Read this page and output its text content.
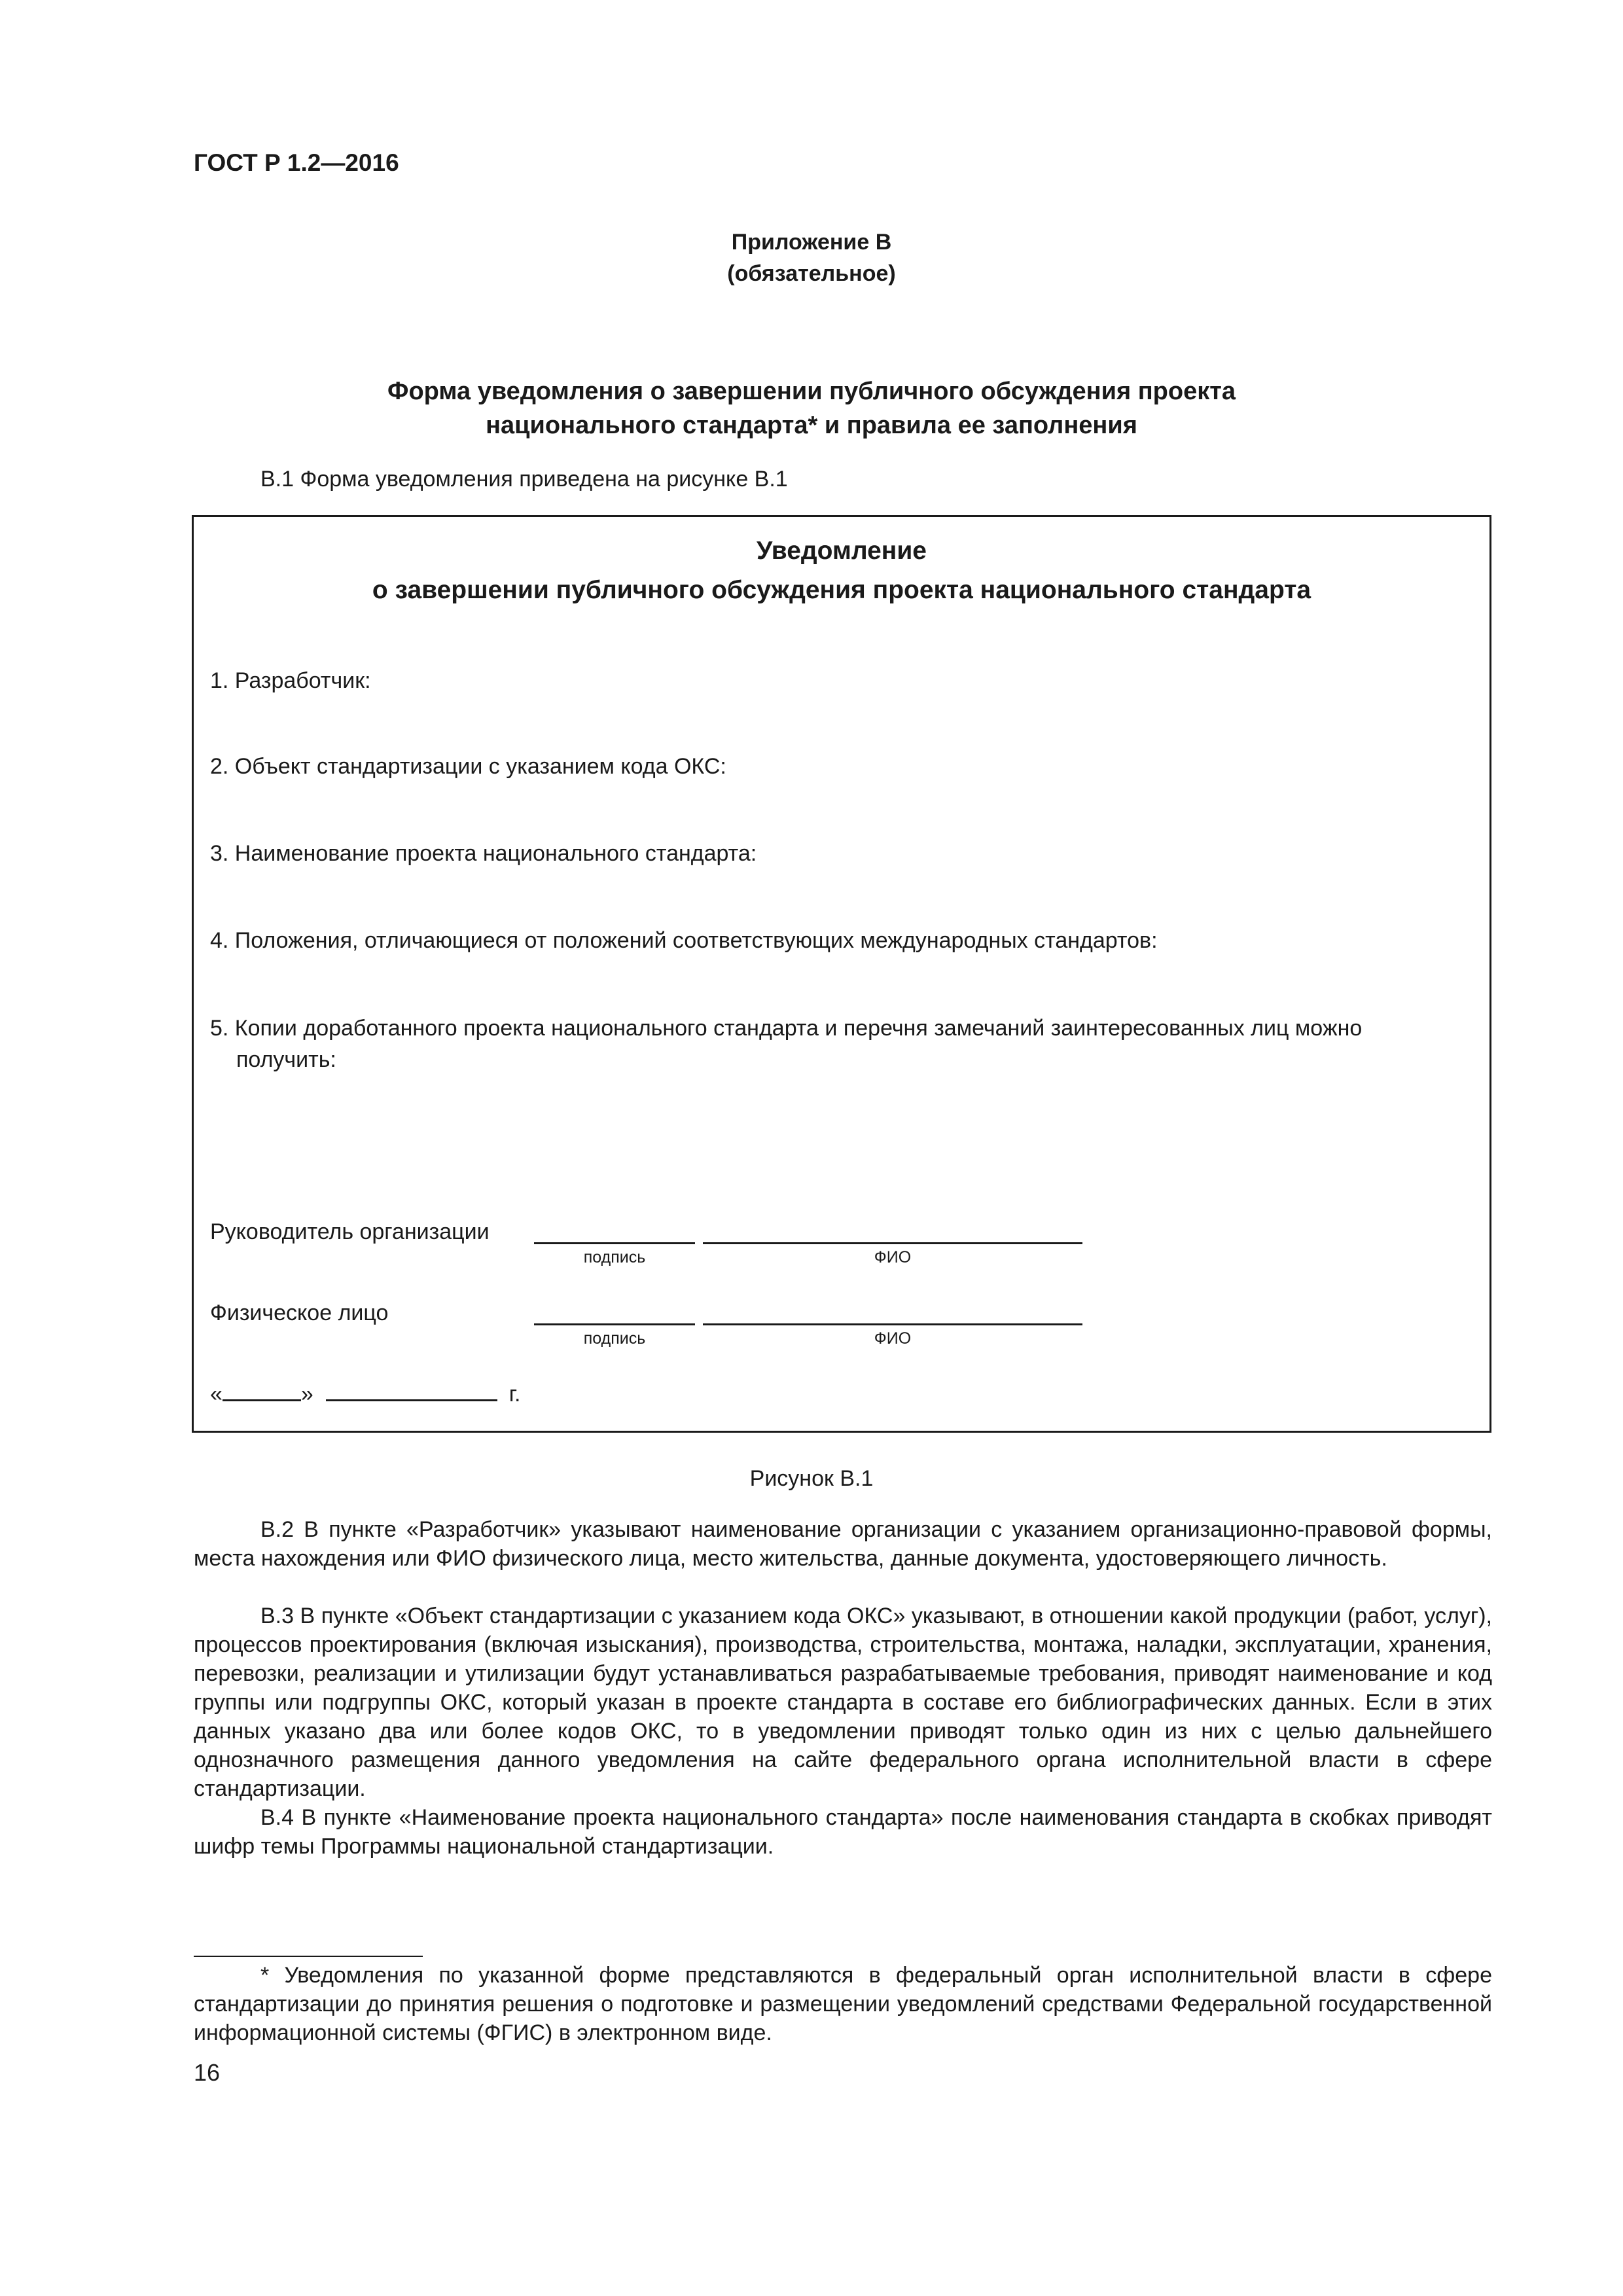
ГОСТ Р 1.2—2016
Приложение В
(обязательное)
Форма уведомления о завершении публичного обсуждения проекта
национального стандарта* и правила ее заполнения
В.1 Форма уведомления приведена на рисунке В.1
Уведомление
о завершении публичного обсуждения проекта национального стандарта
1. Разработчик:
2. Объект стандартизации с указанием кода ОКС:
3. Наименование проекта национального стандарта:
4. Положения, отличающиеся от положений соответствующих международных стандартов:
5. Копии доработанного проекта национального стандарта и перечня замечаний заинтересованных лиц можно
получить:
Руководитель организации
подпись	ФИО
Физическое лицо
подпись	ФИО
«	»	г.
Рисунок В.1
В.2 В пункте «Разработчик» указывают наименование организации с указанием организационно-правовой формы, места нахождения или ФИО физического лица, место жительства, данные документа, удостоверяющего личность.
В.3 В пункте «Объект стандартизации с указанием кода ОКС» указывают, в отношении какой продукции (работ, услуг), процессов проектирования (включая изыскания), производства, строительства, монтажа, наладки, эксплуатации, хранения, перевозки, реализации и утилизации будут устанавливаться разрабатываемые требования, приводят наименование и код группы или подгруппы ОКС, который указан в проекте стандарта в составе его библиографических данных. Если в этих данных указано два или более кодов ОКС, то в уведомлении приводят только один из них с целью дальнейшего однозначного размещения данного уведомления на сайте федерального органа исполнительной власти в сфере стандартизации.
В.4 В пункте «Наименование проекта национального стандарта» после наименования стандарта в скобках приводят шифр темы Программы национальной стандартизации.
* Уведомления по указанной форме представляются в федеральный орган исполнительной власти в сфере стандартизации до принятия решения о подготовке и размещении уведомлений средствами Федеральной государственной информационной системы (ФГИС) в электронном виде.
16
